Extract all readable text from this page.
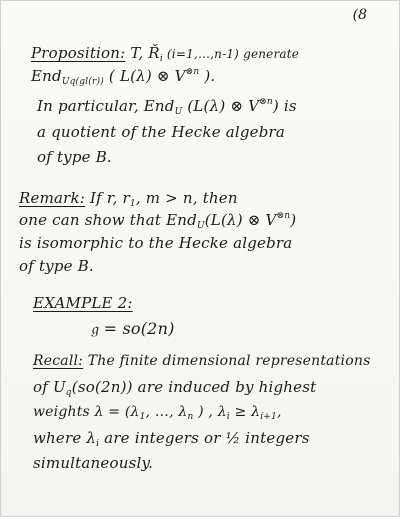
(8
Proposition: T, $Ř_i$ (i=1,…,n-1) generate
End$_{Uq(gl(r))}$ ( L(λ) ⊗ $V^{\otimes n}$ ).
In particular, End$_U$ (L(λ) ⊗ $V^{\otimes n}$) is
a quotient of the Hecke algebra
of type B.
Remark: If r, $r_1$, m > n, then
one can show that End$_U$(L(λ) ⊗ $V^{\otimes n}$)
is isomorphic to the Hecke algebra
of type B.
EXAMPLE 2:
𝔤 = so(2n)
Recall: The finite dimensional representations
of $U_q(so(2n))$ are induced by highest
weights $\lambda = (\lambda_1$, …, $\lambda_n$ ) , $\lambda_i \ge \lambda_{i+1}$,
where $\lambda_i$ are integers or ½ integers
simultaneously.
